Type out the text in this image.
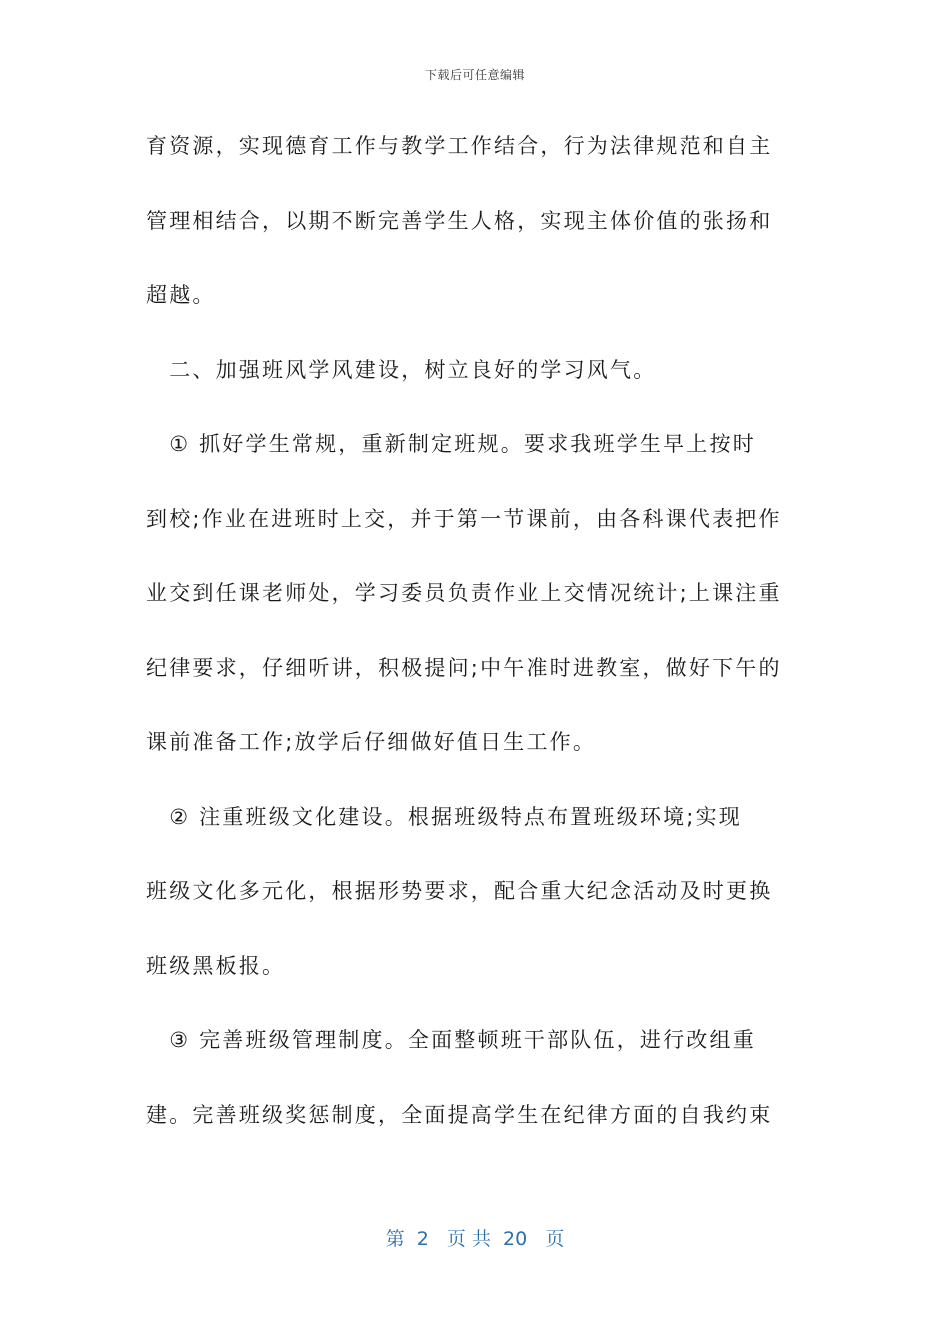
下载后可任意编辑
育资源，实现德育工作与教学工作结合，行为法律规范和自主
管理相结合，以期不断完善学生人格，实现主体价值的张扬和
超越。
　二、加强班风学风建设，树立良好的学习风气。
　① 抓好学生常规，重新制定班规。要求我班学生早上按时
到校;作业在进班时上交，并于第一节课前，由各科课代表把作
业交到任课老师处，学习委员负责作业上交情况统计;上课注重
纪律要求，仔细听讲，积极提问;中午准时进教室，做好下午的
课前准备工作;放学后仔细做好值日生工作。
　② 注重班级文化建设。根据班级特点布置班级环境;实现
班级文化多元化，根据形势要求，配合重大纪念活动及时更换
班级黑板报。
　③ 完善班级管理制度。全面整顿班干部队伍，进行改组重
建。完善班级奖惩制度，全面提高学生在纪律方面的自我约束
第  2   页 共  20   页
